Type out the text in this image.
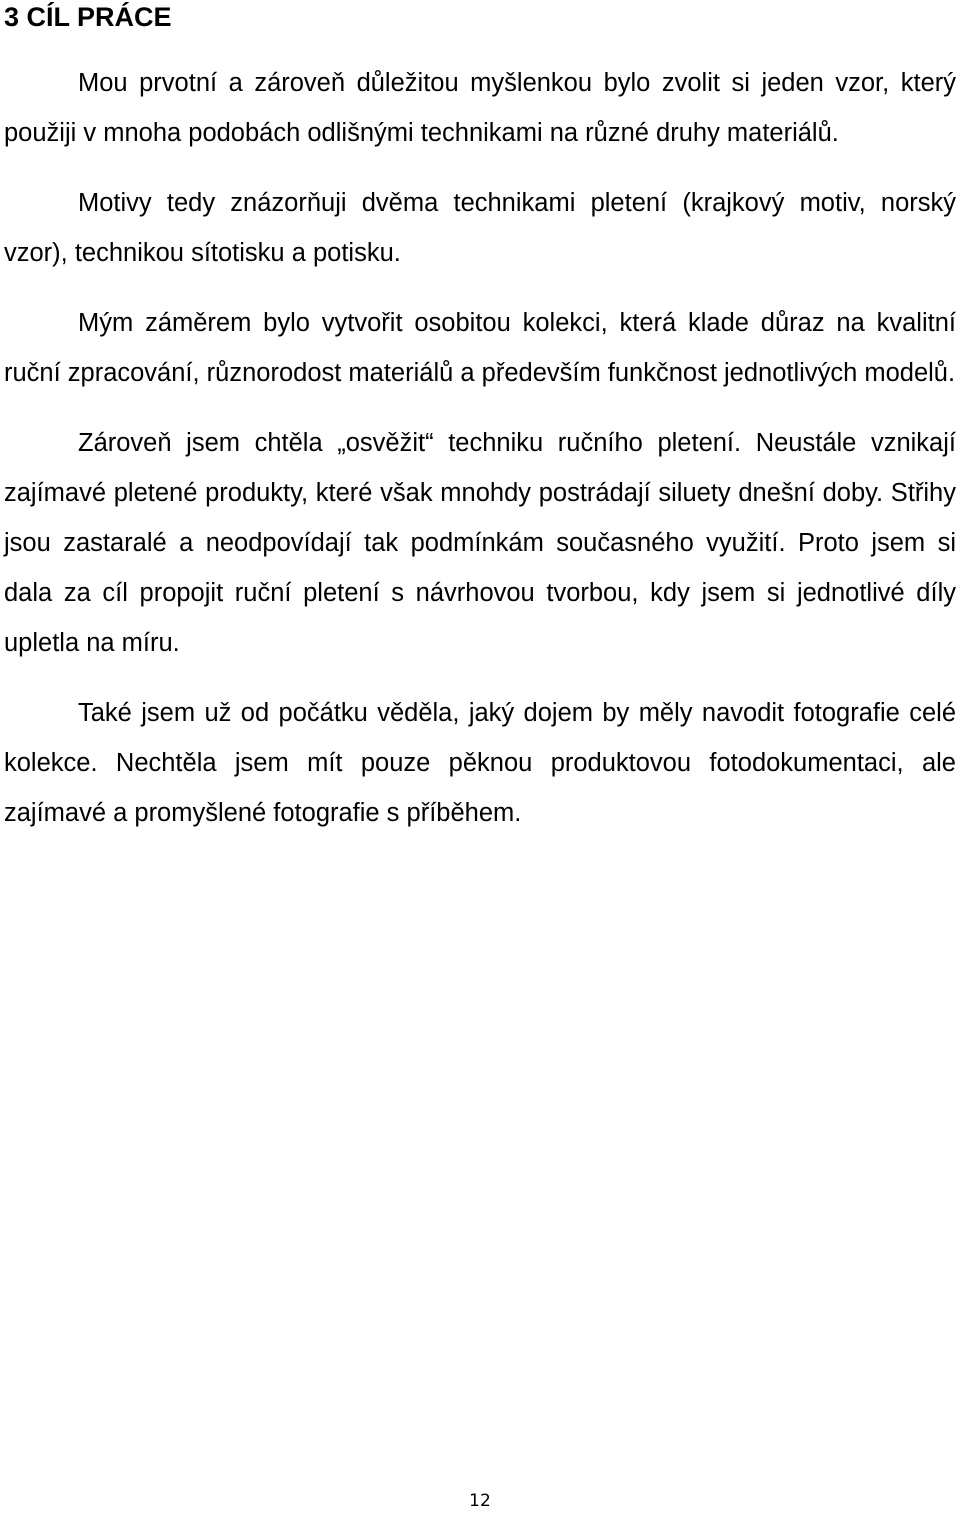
3 CÍL PRÁCE

Mou prvotní a zároveň důležitou myšlenkou bylo zvolit si jeden vzor, který použiji v mnoha podobách odlišnými technikami na různé druhy materiálů.

Motivy tedy znázorňuji dvěma technikami pletení (krajkový motiv, norský vzor), technikou sítotisku a potisku.

Mým záměrem bylo vytvořit osobitou kolekci, která klade důraz na kvalitní ruční zpracování, různorodost materiálů a především funkčnost jednotlivých modelů.

Zároveň jsem chtěla „osvěžit“ techniku ručního pletení. Neustále vznikají zajímavé pletené produkty, které však mnohdy postrádají siluety dnešní doby. Střihy jsou zastaralé a neodpovídají tak podmínkám současného využití. Proto jsem si dala za cíl propojit ruční pletení s návrhovou tvorbou, kdy jsem si jednotlivé díly upletla na míru.

Také jsem už od počátku věděla, jaký dojem by měly navodit fotografie celé kolekce. Nechtěla jsem mít pouze pěknou produktovou fotodokumentaci, ale zajímavé a promyšlené fotografie s příběhem.

12
